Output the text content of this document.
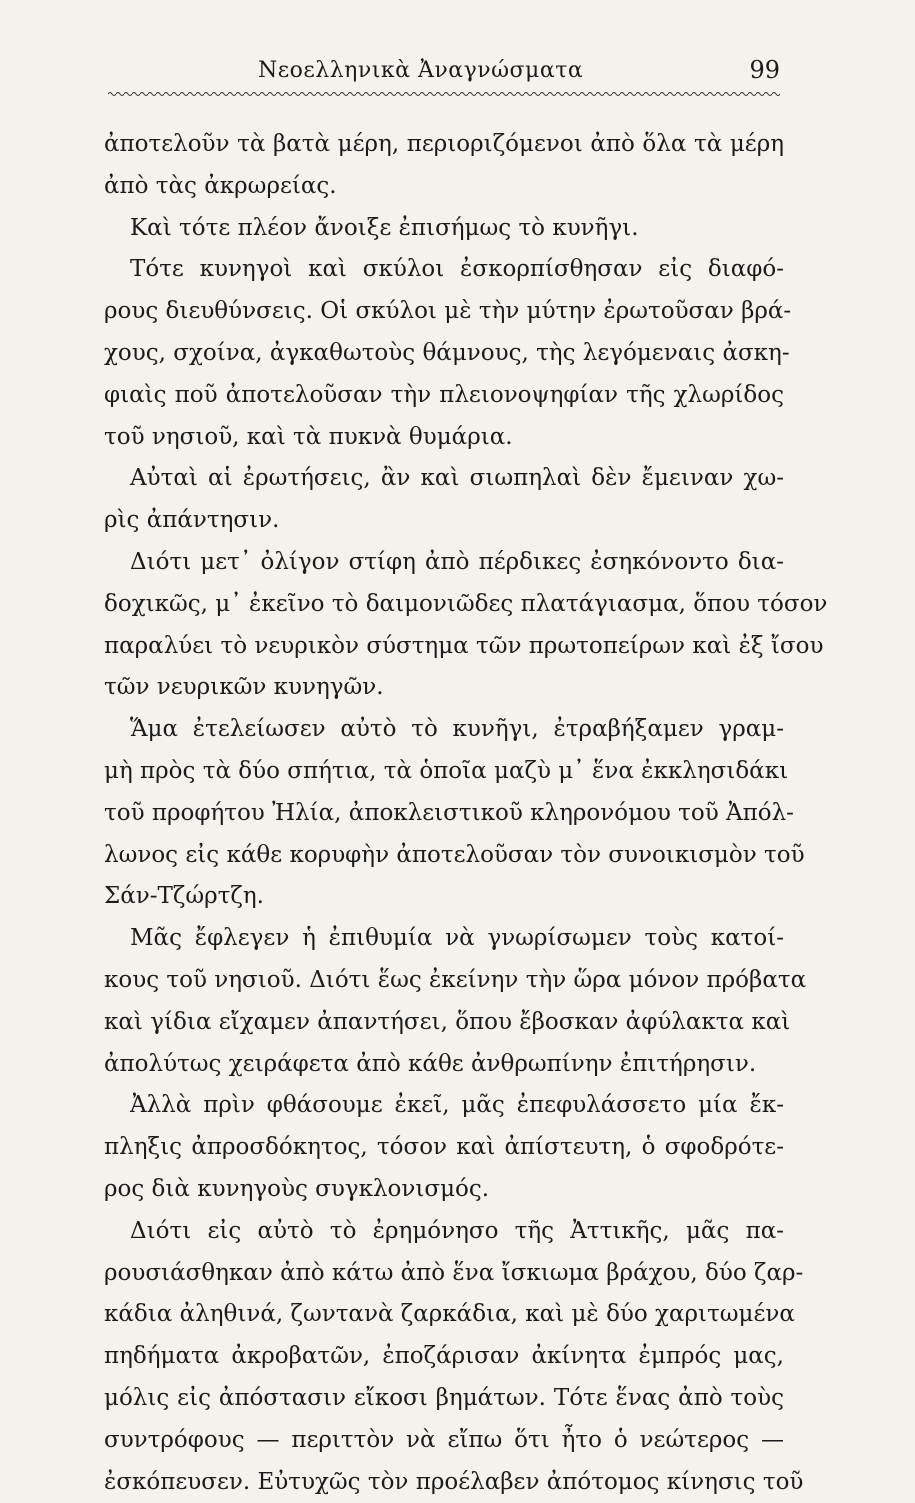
Νεοελληνικὰ Ἀναγνώσματα	99
ἀποτελοῦν τὰ βατὰ μέρη, περιοριζόμενοι ἀπὸ ὅλα τὰ μέρη
ἀπὸ τὰς ἀκρωρείας.
Καὶ τότε πλέον ἄνοιξε ἐπισήμως τὸ κυνῆγι.
Τότε κυνηγοὶ καὶ σκύλοι ἐσκορπίσθησαν εἰς διαφό-
ρους διευθύνσεις. Οἱ σκύλοι μὲ τὴν μύτην ἐρωτοῦσαν βρά-
χους, σχοίνα, ἀγκαθωτοὺς θάμνους, τὴς λεγόμεναις ἀσκη-
φιαὶς ποῦ ἀποτελοῦσαν τὴν πλειονοψηφίαν τῆς χλωρίδος
τοῦ νησιοῦ, καὶ τὰ πυκνὰ θυμάρια.
Αὐταὶ αἱ ἐρωτήσεις, ἂν καὶ σιωπηλαὶ δὲν ἔμειναν χω-
ρὶς ἀπάντησιν.
Διότι μετ᾽ ὀλίγον στίφη ἀπὸ πέρδικες ἐσηκόνοντο δια-
δοχικῶς, μ᾽ ἐκεῖνο τὸ δαιμονιῶδες πλατάγιασμα, ὅπου τόσον
παραλύει τὸ νευρικὸν σύστημα τῶν πρωτοπείρων καὶ ἐξ ἴσου
τῶν νευρικῶν κυνηγῶν.
Ἅμα ἐτελείωσεν αὐτὸ τὸ κυνῆγι, ἐτραβήξαμεν γραμ-
μὴ πρὸς τὰ δύο σπήτια, τὰ ὁποῖα μαζὺ μ᾽ ἕνα ἐκκλησιδάκι
τοῦ προφήτου Ἠλία, ἀποκλειστικοῦ κληρονόμου τοῦ Ἀπόλ-
λωνος εἰς κάθε κορυφὴν ἀποτελοῦσαν τὸν συνοικισμὸν τοῦ
Σάν-Τζώρτζη.
Μᾶς ἔφλεγεν ἡ ἐπιθυμία νὰ γνωρίσωμεν τοὺς κατοί-
κους τοῦ νησιοῦ. Διότι ἕως ἐκείνην τὴν ὥρα μόνον πρόβατα
καὶ γίδια εἴχαμεν ἀπαντήσει, ὅπου ἔβοσκαν ἀφύλακτα καὶ
ἀπολύτως χειράφετα ἀπὸ κάθε ἀνθρωπίνην ἐπιτήρησιν.
Ἀλλὰ πρὶν φθάσουμε ἐκεῖ, μᾶς ἐπεφυλάσσετο μία ἔκ-
πληξις ἀπροσδόκητος, τόσον καὶ ἀπίστευτη, ὁ σφοδρότε-
ρος διὰ κυνηγοὺς συγκλονισμός.
Διότι εἰς αὐτὸ τὸ ἐρημόνησο τῆς Ἀττικῆς, μᾶς πα-
ρουσιάσθηκαν ἀπὸ κάτω ἀπὸ ἕνα ἴσκιωμα βράχου, δύο ζαρ-
κάδια ἀληθινά, ζωντανὰ ζαρκάδια, καὶ μὲ δύο χαριτωμένα
πηδήματα ἀκροβατῶν, ἐποζάρισαν ἀκίνητα ἐμπρός μας,
μόλις εἰς ἀπόστασιν εἴκοσι βημάτων. Τότε ἕνας ἀπὸ τοὺς
συντρόφους — περιττὸν νὰ εἴπω ὅτι ἦτο ὁ νεώτερος —
ἐσκόπευσεν. Εὐτυχῶς τὸν προέλαβεν ἀπότομος κίνησις τοῦ
